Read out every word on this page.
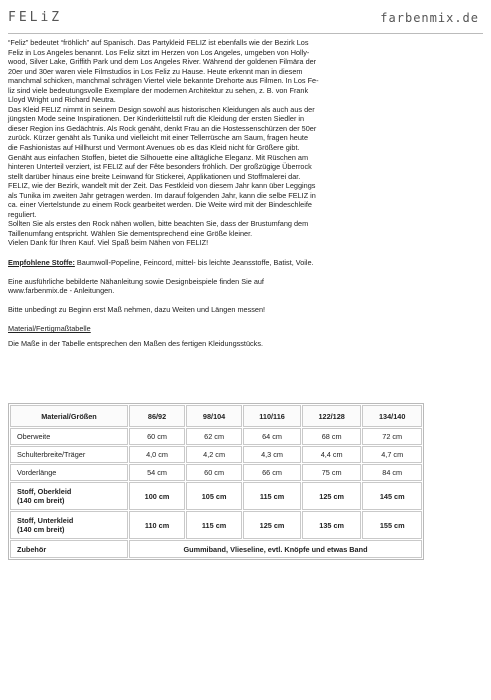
FELiZ	farbenmix.de

“Feliz” bedeutet “fröhlich” auf Spanisch. Das Partykleid FELIZ ist ebenfalls wie der Bezirk Los

Feliz in Los Angeles benannt. Los Feliz sitzt im Herzen von Los Angeles, umgeben von Holly-

wood, Silver Lake, Griffith Park und dem Los Angeles River. Während der goldenen Filmära der

20er und 30er waren viele Filmstudios in Los Feliz zu Hause. Heute erkennt man in diesem

manchmal schicken, manchmal schrägen Viertel viele bekannte Drehorte aus Filmen. In Los Fe-

liz sind viele bedeutungsvolle Exemplare der modernen Architektur zu sehen, z. B. von Frank

Lloyd Wright und Richard Neutra.

Das Kleid FELIZ nimmt in seinem Design sowohl aus historischen Kleidungen als auch aus der

jüngsten Mode seine Inspirationen. Der Kinderkittelstil ruft die Kleidung der ersten Siedler in

dieser Region ins Gedächtnis. Als Rock genäht, denkt Frau an die Hostessenschürzen der 50er

zurück. Kürzer genäht als Tunika und vielleicht mit einer Tellerrüsche am Saum, fragen heute

die Fashionistas auf Hillhurst und Vermont Avenues ob es das Kleid nicht für Größere gibt.

Genäht aus einfachen Stoffen, bietet die Silhouette eine alltägliche Eleganz. Mit Rüschen am

hinteren Unterteil verziert, ist FELIZ auf der Fête besonders fröhlich. Der großzügige Überrock

stellt darüber hinaus eine breite Leinwand für Stickerei, Applikationen und Stoffmalerei dar.

FELIZ, wie der Bezirk, wandelt mit der Zeit. Das Festkleid von diesem Jahr kann über Leggings

als Tunika im zweiten Jahr getragen werden. Im darauf folgenden Jahr, kann die selbe FELIZ in

ca. einer Viertelstunde zu einem Rock gearbeitet werden. Die Weite wird mit der Bindeschleife

reguliert.

Sollten Sie als erstes den Rock nähen wollen, bitte beachten Sie, dass der Brustumfang dem

Taillenumfang entspricht. Wählen Sie dementsprechend eine Größe kleiner.

Vielen Dank für Ihren Kauf. Viel Spaß beim Nähen von FELIZ!

Empfohlene Stoffe: Baumwoll-Popeline, Feincord, mittel- bis leichte Jeansstoffe, Batist, Voile.

Eine ausführliche bebilderte Nähanleitung sowie Designbeispiele finden Sie auf

www.farbenmix.de - Anleitungen.

Bitte unbedingt zu Beginn erst Maß nehmen, dazu Weiten und Längen messen!

Material/Fertigmaßtabelle

Die Maße in der Tabelle entsprechen den Maßen des fertigen Kleidungsstücks.

Material/Größen	86/92	98/104	110/116	122/128	134/140
Oberweite	60 cm	62 cm	64 cm	68 cm	72 cm
Schulterbreite/Träger	4,0 cm	4,2 cm	4,3 cm	4,4 cm	4,7 cm
Vorderlänge	54 cm	60 cm	66 cm	75 cm	84 cm
Stoff, Oberkleid
(140 cm breit)	100 cm	105 cm	115 cm	125 cm	145 cm
Stoff, Unterkleid
(140 cm breit)	110 cm	115 cm	125 cm	135 cm	155 cm
Zubehör	Gummiband, Vlieseline, evtl. Knöpfe und etwas Band				
